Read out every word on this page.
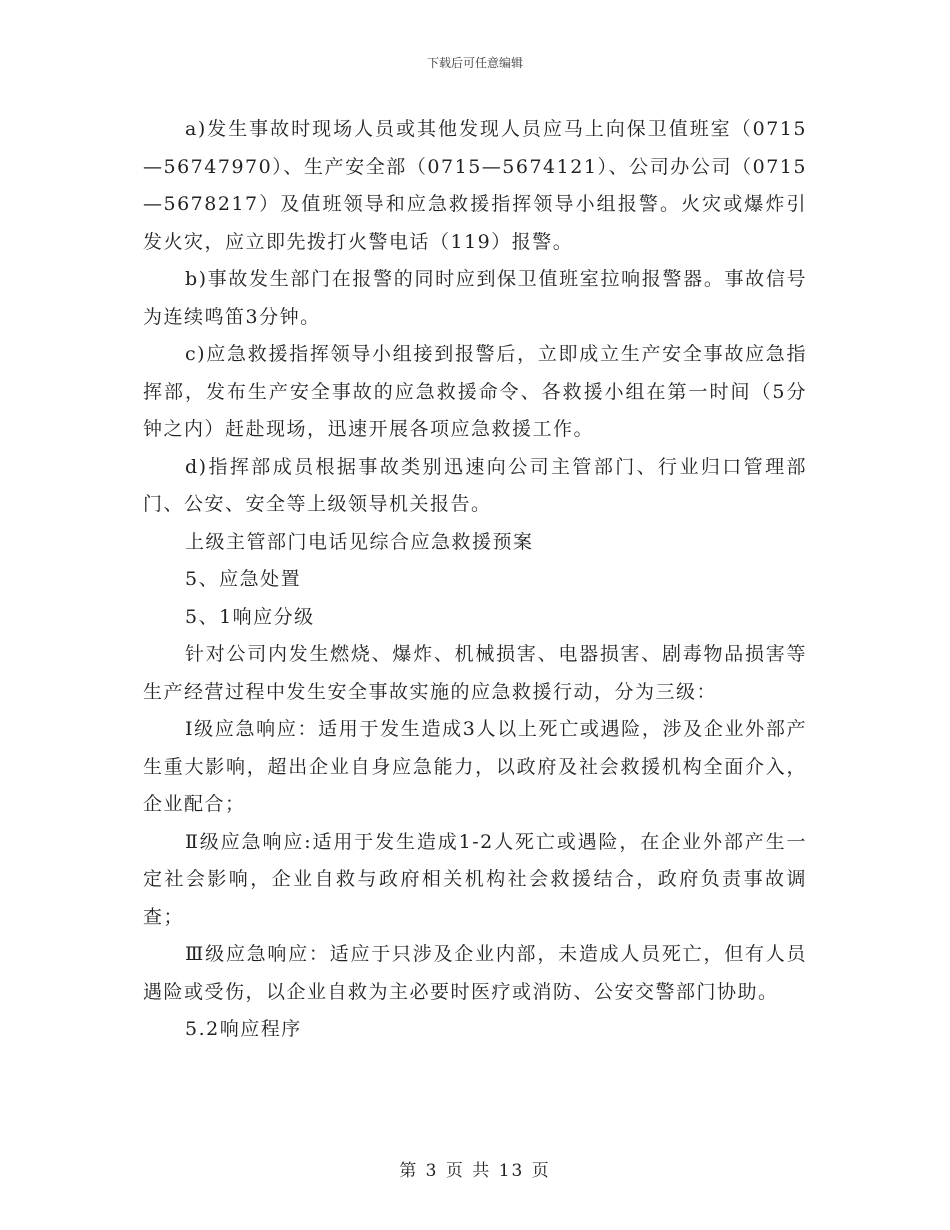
下载后可任意编辑

a)发生事故时现场人员或其他发现人员应马上向保卫值班室（0715—56747970）、生产安全部（0715—5674121）、公司办公司（0715—5678217）及值班领导和应急救援指挥领导小组报警。火灾或爆炸引发火灾，应立即先拨打火警电话（119）报警。

b)事故发生部门在报警的同时应到保卫值班室拉响报警器。事故信号为连续鸣笛3分钟。

c)应急救援指挥领导小组接到报警后，立即成立生产安全事故应急指挥部，发布生产安全事故的应急救援命令、各救援小组在第一时间（5分钟之内）赶赴现场，迅速开展各项应急救援工作。

d)指挥部成员根据事故类别迅速向公司主管部门、行业归口管理部门、公安、安全等上级领导机关报告。

上级主管部门电话见综合应急救援预案

5、应急处置

5、1响应分级

针对公司内发生燃烧、爆炸、机械损害、电器损害、剧毒物品损害等生产经营过程中发生安全事故实施的应急救援行动，分为三级：

Ⅰ级应急响应：适用于发生造成3人以上死亡或遇险，涉及企业外部产生重大影响，超出企业自身应急能力，以政府及社会救援机构全面介入，企业配合；

Ⅱ级应急响应:适用于发生造成1-2人死亡或遇险，在企业外部产生一定社会影响，企业自救与政府相关机构社会救援结合，政府负责事故调查；

Ⅲ级应急响应：适应于只涉及企业内部，未造成人员死亡，但有人员遇险或受伤，以企业自救为主必要时医疗或消防、公安交警部门协助。

5.2响应程序

第 3 页 共 13 页
